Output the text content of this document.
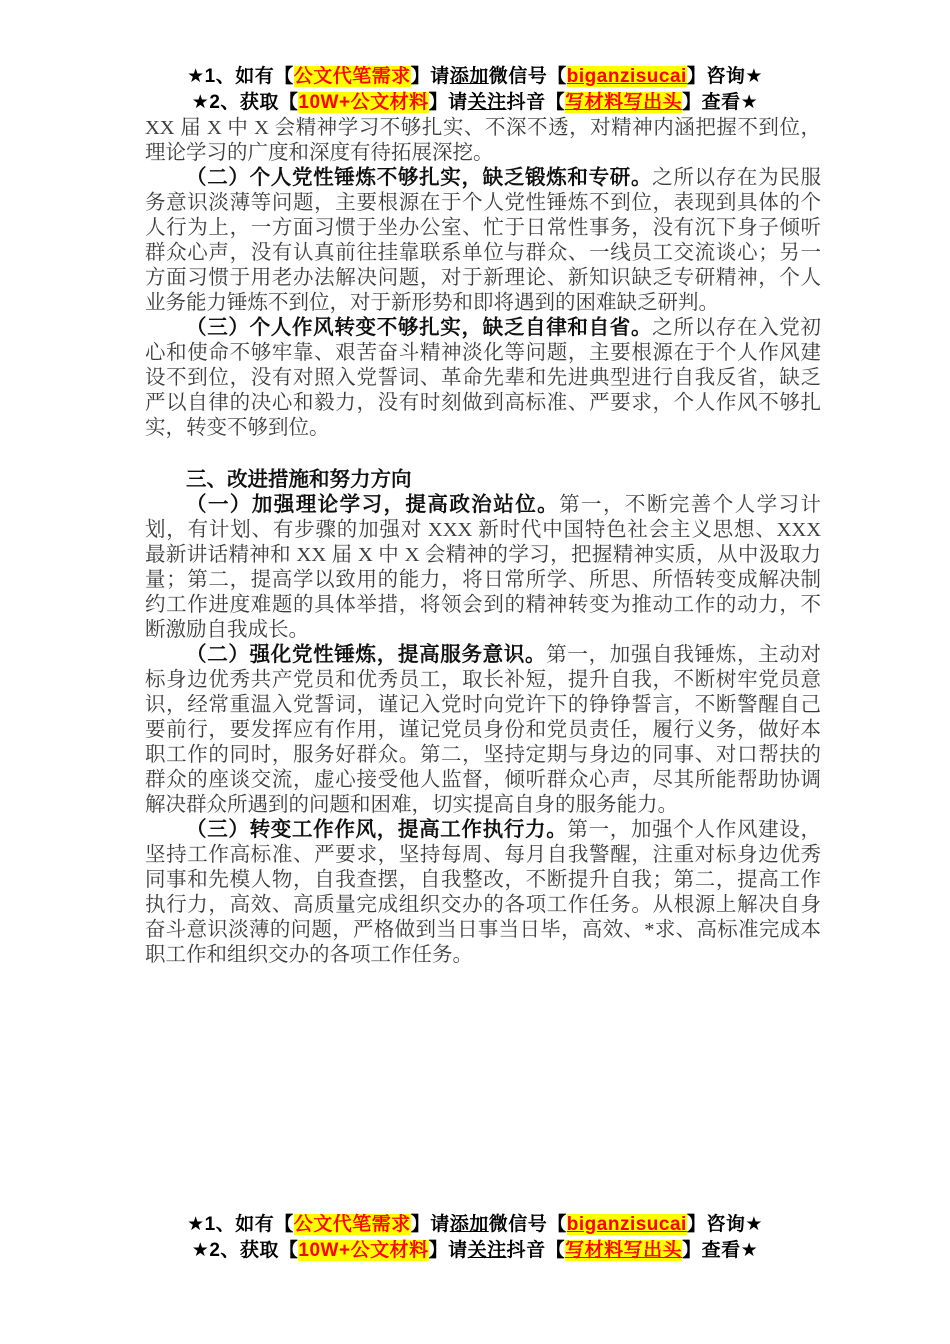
★1、如有【公文代笔需求】请添加微信号【biganzisucai】咨询★
★2、获取【10W+公文材料】请关注抖音【写材料写出头】查看★

XX 届 X 中 X 会精神学习不够扎实、不深不透，对精神内涵把握不到位，理论学习的广度和深度有待拓展深挖。

（二）个人党性锤炼不够扎实，缺乏锻炼和专研。之所以存在为民服务意识淡薄等问题，主要根源在于个人党性锤炼不到位，表现到具体的个人行为上，一方面习惯于坐办公室、忙于日常性事务，没有沉下身子倾听群众心声，没有认真前往挂靠联系单位与群众、一线员工交流谈心；另一方面习惯于用老办法解决问题，对于新理论、新知识缺乏专研精神，个人业务能力锤炼不到位，对于新形势和即将遇到的困难缺乏研判。

（三）个人作风转变不够扎实，缺乏自律和自省。之所以存在入党初心和使命不够牢靠、艰苦奋斗精神淡化等问题，主要根源在于个人作风建设不到位，没有对照入党誓词、革命先辈和先进典型进行自我反省，缺乏严以自律的决心和毅力，没有时刻做到高标准、严要求，个人作风不够扎实，转变不够到位。

三、改进措施和努力方向

（一）加强理论学习，提高政治站位。第一，不断完善个人学习计划，有计划、有步骤的加强对 XXX 新时代中国特色社会主义思想、XXX 最新讲话精神和 XX 届 X 中 X 会精神的学习，把握精神实质，从中汲取力量；第二，提高学以致用的能力，将日常所学、所思、所悟转变成解决制约工作进度难题的具体举措，将领会到的精神转变为推动工作的动力，不断激励自我成长。

（二）强化党性锤炼，提高服务意识。第一，加强自我锤炼，主动对标身边优秀共产党员和优秀员工，取长补短，提升自我，不断树牢党员意识，经常重温入党誓词，谨记入党时向党许下的铮铮誓言，不断警醒自己要前行，要发挥应有作用，谨记党员身份和党员责任，履行义务，做好本职工作的同时，服务好群众。第二，坚持定期与身边的同事、对口帮扶的群众的座谈交流，虚心接受他人监督，倾听群众心声，尽其所能帮助协调解决群众所遇到的问题和困难，切实提高自身的服务能力。

（三）转变工作作风，提高工作执行力。第一，加强个人作风建设，坚持工作高标准、严要求，坚持每周、每月自我警醒，注重对标身边优秀同事和先模人物，自我查摆，自我整改，不断提升自我；第二，提高工作执行力，高效、高质量完成组织交办的各项工作任务。从根源上解决自身奋斗意识淡薄的问题，严格做到当日事当日毕，高效、*求、高标准完成本职工作和组织交办的各项工作任务。

★1、如有【公文代笔需求】请添加微信号【biganzisucai】咨询★
★2、获取【10W+公文材料】请关注抖音【写材料写出头】查看★
